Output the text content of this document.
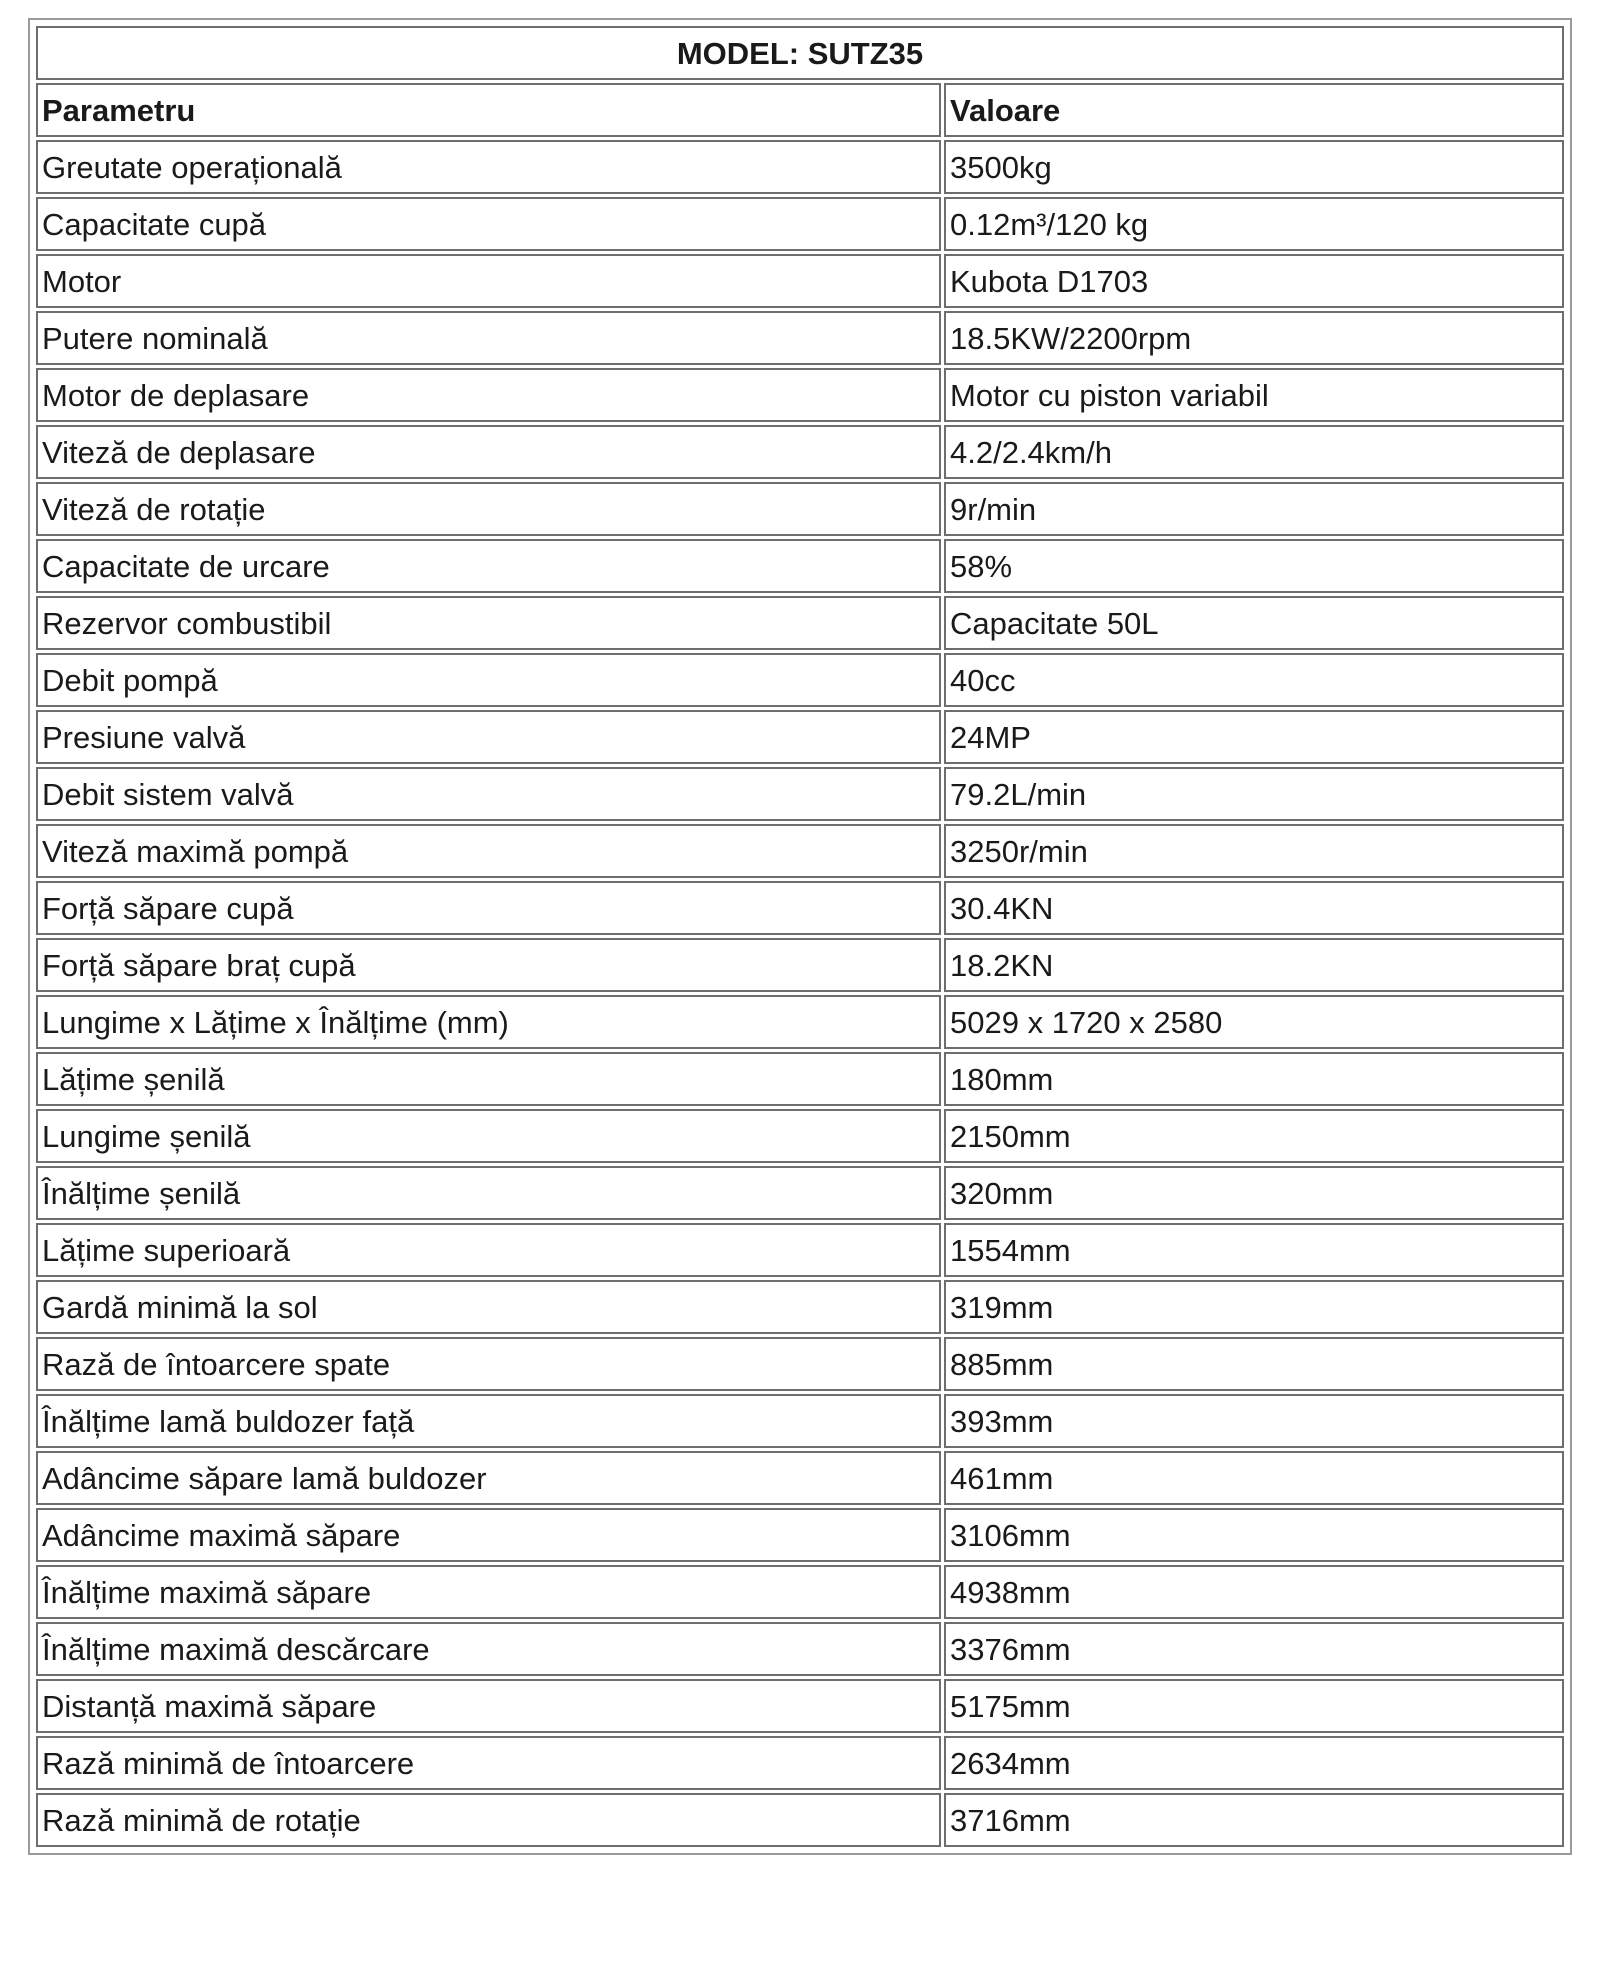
MODEL: SUTZ35	
Parametru	Valoare
Greutate operațională	3500kg
Capacitate cupă	0.12m³/120 kg
Motor	Kubota D1703
Putere nominală	18.5KW/2200rpm
Motor de deplasare	Motor cu piston variabil
Viteză de deplasare	4.2/2.4km/h
Viteză de rotație	9r/min
Capacitate de urcare	58%
Rezervor combustibil	Capacitate 50L
Debit pompă	40cc
Presiune valvă	24MP
Debit sistem valvă	79.2L/min
Viteză maximă pompă	3250r/min
Forță săpare cupă	30.4KN
Forță săpare braț cupă	18.2KN
Lungime x Lățime x Înălțime (mm)	5029 x 1720 x 2580
Lățime șenilă	180mm
Lungime șenilă	2150mm
Înălțime șenilă	320mm
Lățime superioară	1554mm
Gardă minimă la sol	319mm
Rază de întoarcere spate	885mm
Înălțime lamă buldozer față	393mm
Adâncime săpare lamă buldozer	461mm
Adâncime maximă săpare	3106mm
Înălțime maximă săpare	4938mm
Înălțime maximă descărcare	3376mm
Distanță maximă săpare	5175mm
Rază minimă de întoarcere	2634mm
Rază minimă de rotație	3716mm
